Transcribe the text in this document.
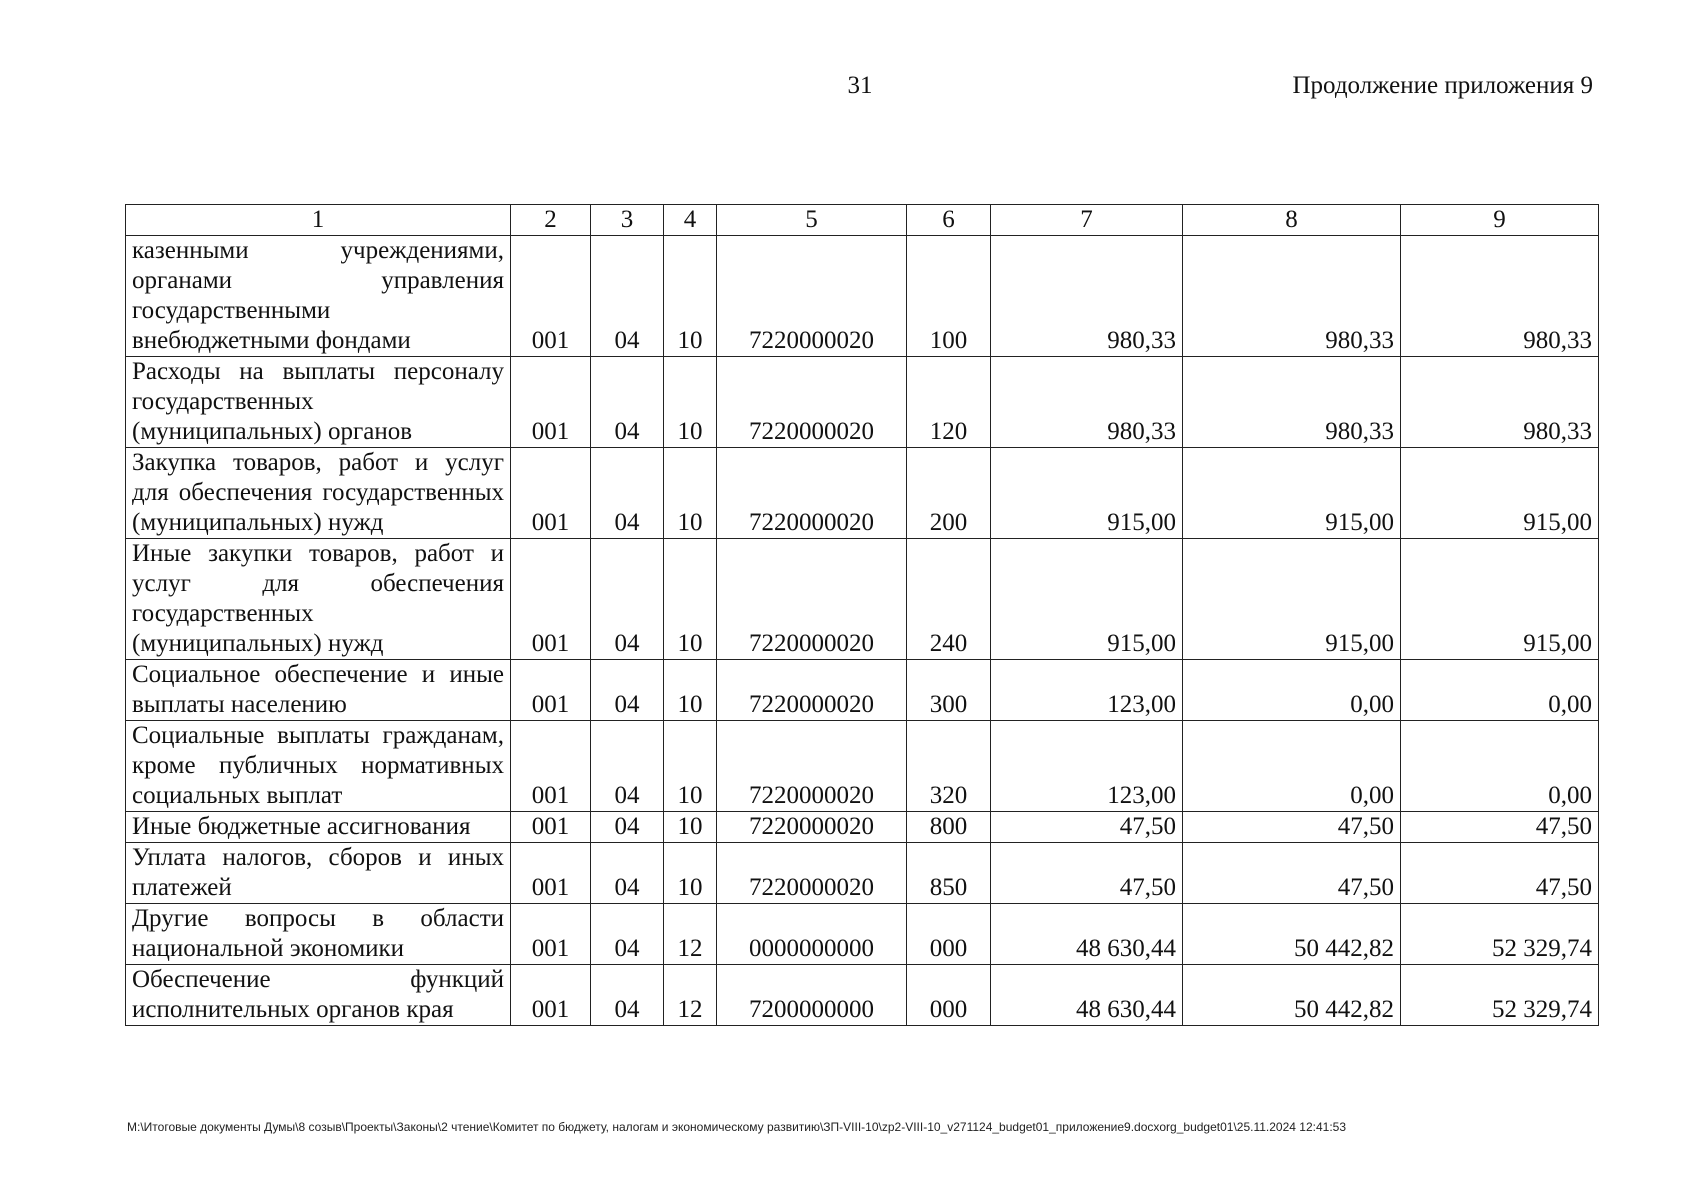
31	Продолжение приложения 9
1	2	3	4	5	6	7	8	9
казенными учреждениями, органами управления государственными внебюджетными фондами	001	04	10	7220000020	100	980,33	980,33	980,33
Расходы на выплаты персоналу государственных (муниципальных) органов	001	04	10	7220000020	120	980,33	980,33	980,33
Закупка товаров, работ и услуг для обеспечения государственных (муниципальных) нужд	001	04	10	7220000020	200	915,00	915,00	915,00
Иные закупки товаров, работ и услуг для обеспечения государственных (муниципальных) нужд	001	04	10	7220000020	240	915,00	915,00	915,00
Социальное обеспечение и иные выплаты населению	001	04	10	7220000020	300	123,00	0,00	0,00
Социальные выплаты гражданам, кроме публичных нормативных социальных выплат	001	04	10	7220000020	320	123,00	0,00	0,00
Иные бюджетные ассигнования	001	04	10	7220000020	800	47,50	47,50	47,50
Уплата налогов, сборов и иных платежей	001	04	10	7220000020	850	47,50	47,50	47,50
Другие вопросы в области национальной экономики	001	04	12	0000000000	000	48 630,44	50 442,82	52 329,74
Обеспечение функций исполнительных органов края	001	04	12	7200000000	000	48 630,44	50 442,82	52 329,74
M:\Итоговые документы Думы\8 созыв\Проекты\Законы\2 чтение\Комитет по бюджету, налогам и экономическому развитию\ЗП-VIII-10\zp2-VIII-10_v271124_budget01_приложение9.docxorg_budget01\25.11.2024 12:41:53
